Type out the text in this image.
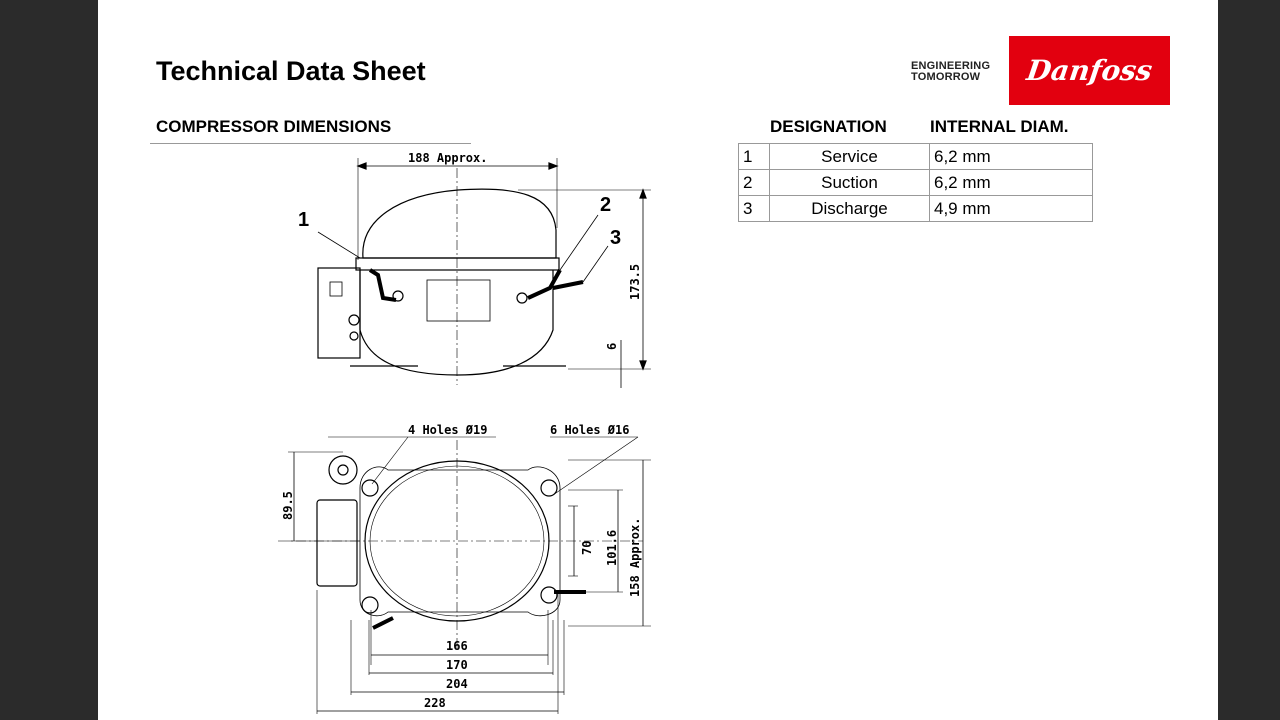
Technical Data Sheet	ENGINEERING
TOMORROW	Danfoss
COMPRESSOR DIMENSIONS	DESIGNATION	INTERNAL DIAM.
1	Service	6,2 mm
2	Suction	6,2 mm
3	Discharge	4,9 mm
188 Approx.
173.5
6
1
2
3
4 Holes Ø19	6 Holes Ø16
89.5
70 101.6 158 Approx.
166
170
204
228
